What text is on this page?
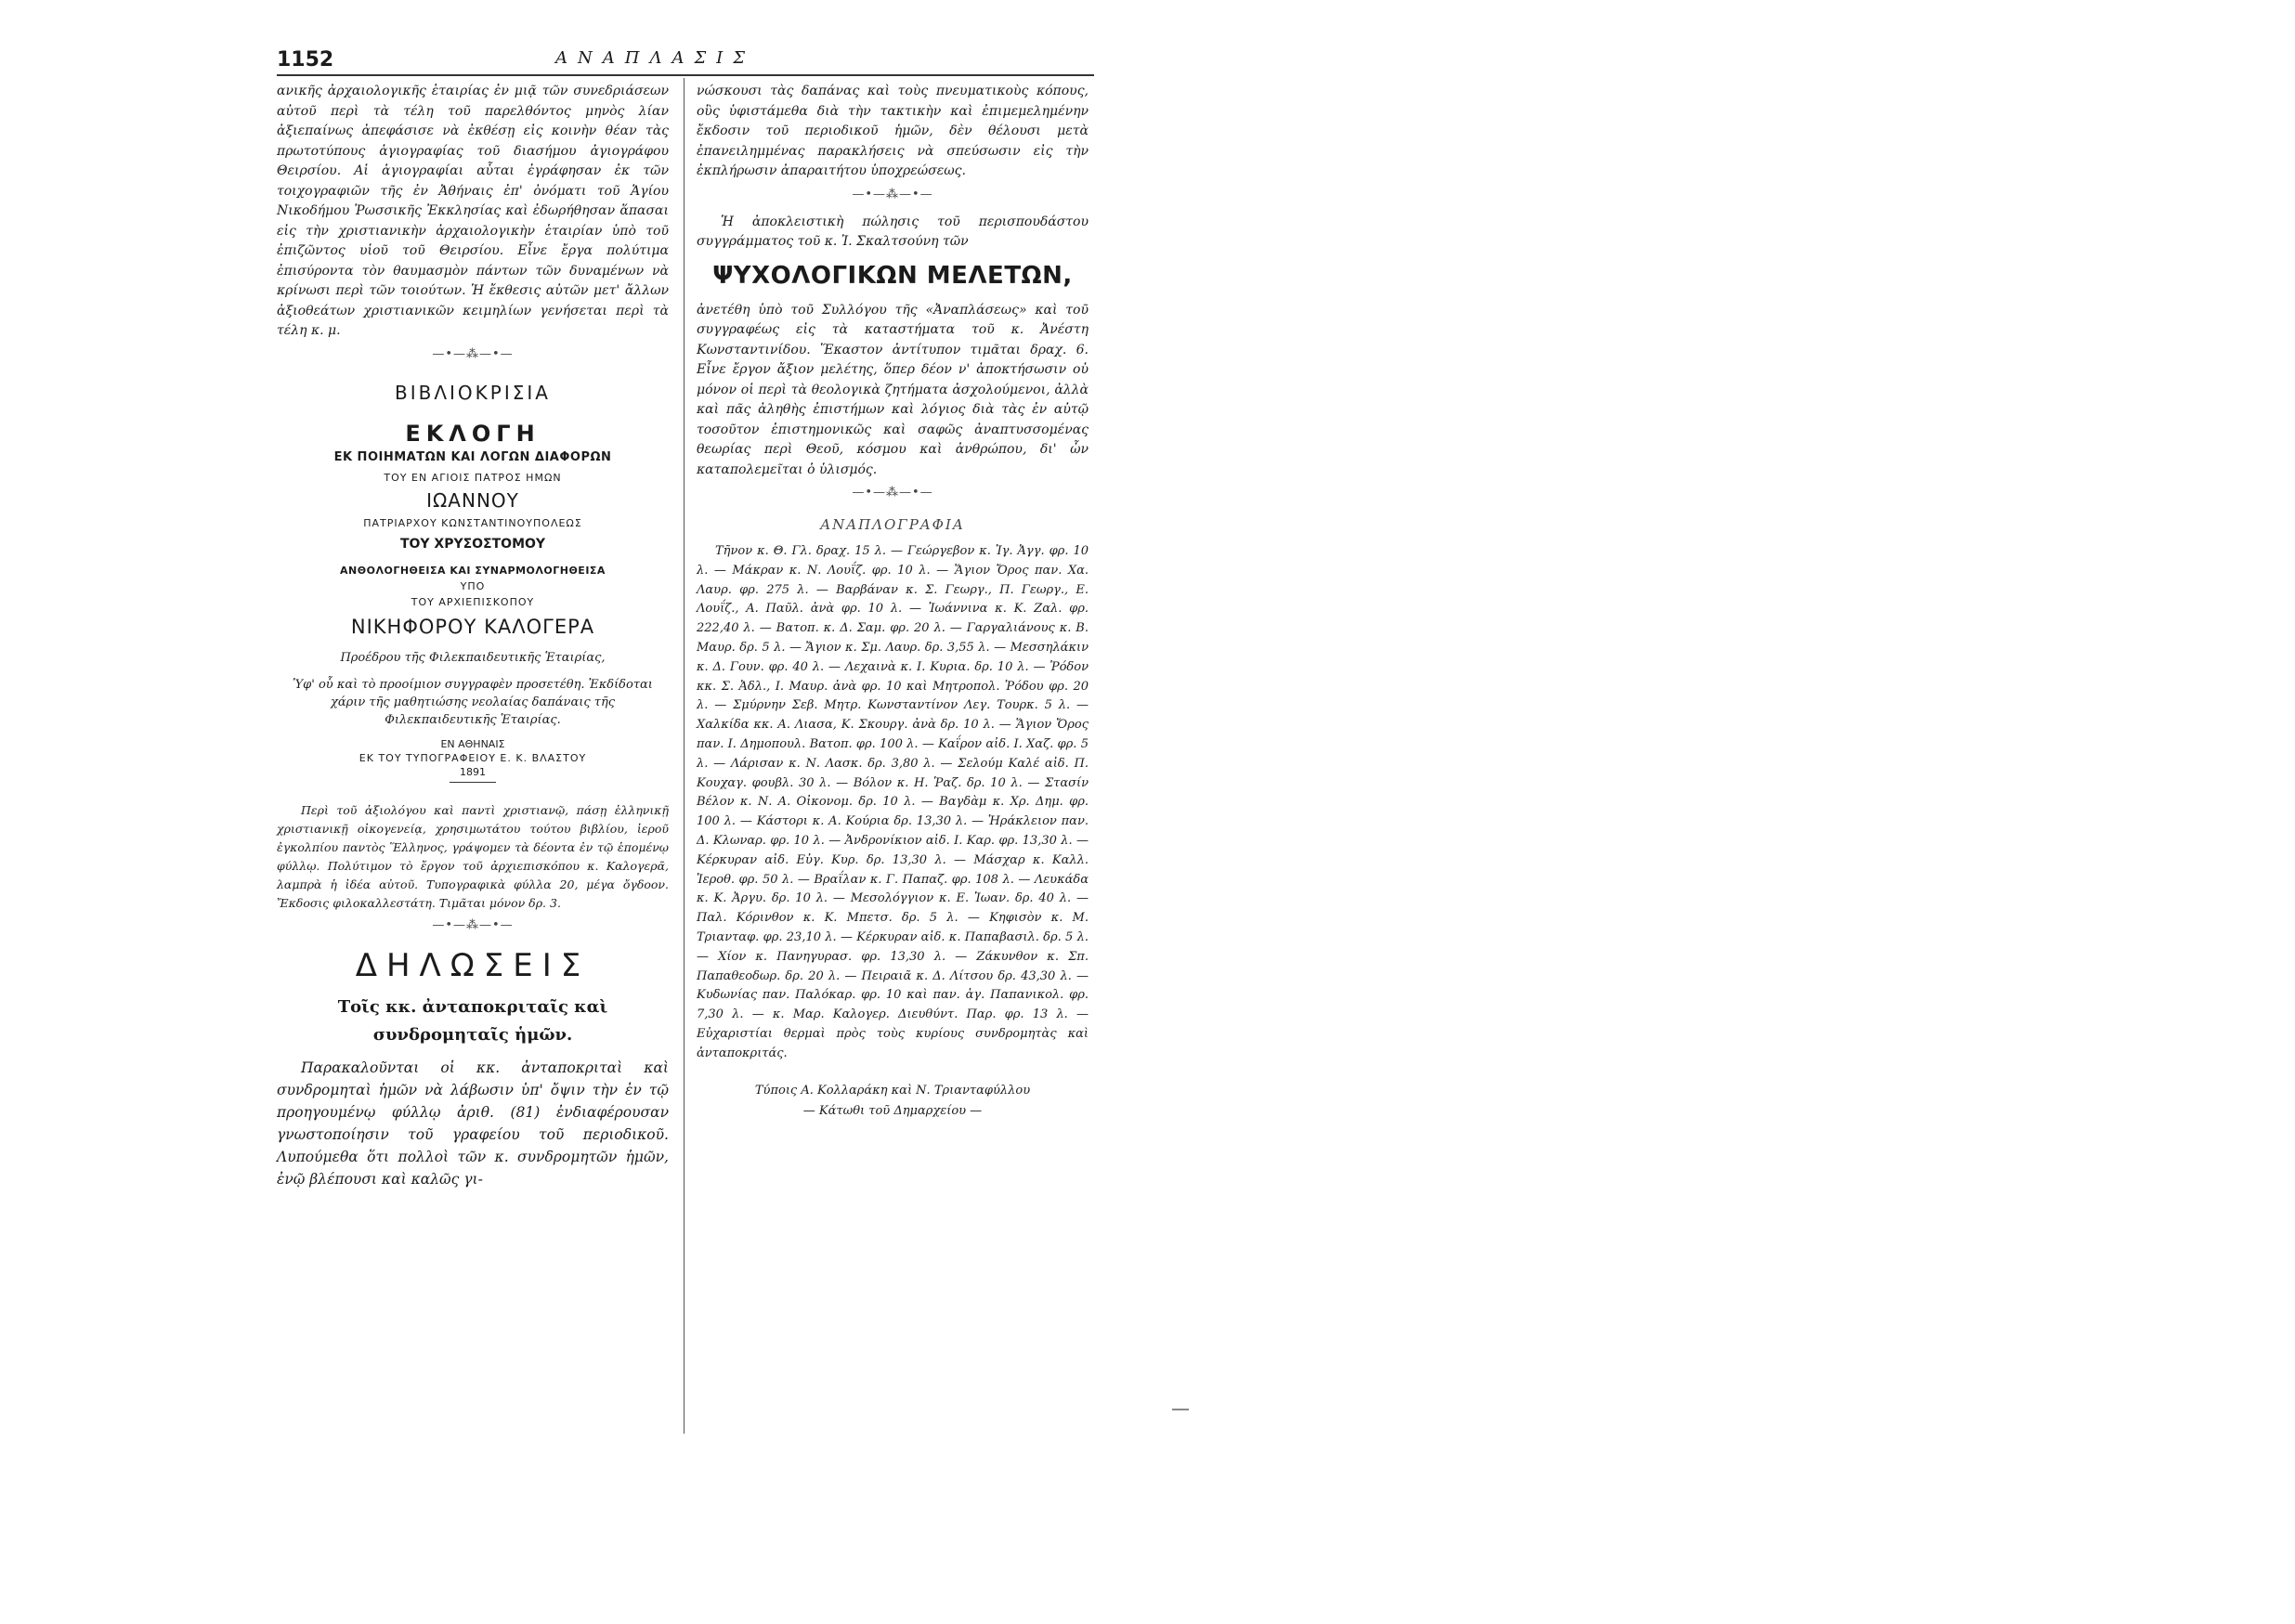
1152	ΑΝΑΠΛΑΣΙΣ

ανικῆς ἀρχαιολογικῆς ἑταιρίας ἐν μιᾷ τῶν συνεδριάσεων αὐτοῦ περὶ τὰ τέλη τοῦ παρελθόντος μηνὸς λίαν ἀξιεπαίνως ἀπεφάσισε νὰ ἐκθέσῃ εἰς κοινὴν θέαν τὰς πρωτοτύπους ἁγιογραφίας τοῦ διασήμου ἁγιογράφου Θειρσίου. Αἱ ἁγιογραφίαι αὗται ἐγράφησαν ἐκ τῶν τοιχογραφιῶν τῆς ἐν Ἀθήναις ἐπ' ὀνόματι τοῦ Ἁγίου Νικοδήμου Ῥωσσικῆς Ἐκκλησίας καὶ ἐδωρήθησαν ἅπασαι εἰς τὴν χριστιανικὴν ἀρχαιολογικὴν ἑταιρίαν ὑπὸ τοῦ ἐπιζῶντος υἱοῦ τοῦ Θειρσίου. Εἶνε ἔργα πολύτιμα ἐπισύροντα τὸν θαυμασμὸν πάντων τῶν δυναμένων νὰ κρίνωσι περὶ τῶν τοιούτων. Ἡ ἔκθεσις αὐτῶν μετ' ἄλλων ἀξιοθεάτων χριστιανικῶν κειμηλίων γενήσεται περὶ τὰ τέλη κ. μ.

—•—⁂—•—

ΒΙΒΛΙΟΚΡΙΣΙΑ

ΕΚΛΟΓΗ

ΕΚ ΠΟΙΗΜΑΤΩΝ ΚΑΙ ΛΟΓΩΝ ΔΙΑΦΟΡΩΝ

ΤΟΥ ΕΝ ΑΓΙΟΙΣ ΠΑΤΡΟΣ ΗΜΩΝ

ΙΩΑΝΝΟΥ

ΠΑΤΡΙΑΡΧΟΥ ΚΩΝΣΤΑΝΤΙΝΟΥΠΟΛΕΩΣ

ΤΟΥ ΧΡΥΣΟΣΤΟΜΟΥ

ΑΝΘΟΛΟΓΗΘΕΙΣΑ ΚΑΙ ΣΥΝΑΡΜΟΛΟΓΗΘΕΙΣΑ

ΥΠΟ

ΤΟΥ ΑΡΧΙΕΠΙΣΚΟΠΟΥ

ΝΙΚΗΦΟΡΟΥ ΚΑΛΟΓΕΡΑ

Προέδρου τῆς Φιλεκπαιδευτικῆς Ἑταιρίας,

Ὑφ' οὗ καὶ τὸ προοίμιον συγγραφὲν προσετέθη. Ἐκδίδοται χάριν τῆς μαθητιώσης νεολαίας δαπάναις τῆς Φιλεκπαιδευτικῆς Ἑταιρίας.

ΕΝ ΑΘΗΝΑΙΣ

ΕΚ ΤΟΥ ΤΥΠΟΓΡΑΦΕΙΟΥ Ε. Κ. ΒΛΑΣΤΟΥ

1891

Περὶ τοῦ ἀξιολόγου καὶ παντὶ χριστιανῷ, πάσῃ ἑλληνικῇ χριστιανικῇ οἰκογενείᾳ, χρησιμωτάτου τούτου βιβλίου, ἱεροῦ ἐγκολπίου παντὸς Ἕλληνος, γράψομεν τὰ δέοντα ἐν τῷ ἑπομένῳ φύλλῳ. Πολύτιμον τὸ ἔργον τοῦ ἀρχιεπισκόπου κ. Καλογερᾶ, λαμπρὰ ἡ ἰδέα αὐτοῦ. Τυπογραφικὰ φύλλα 20, μέγα ὄγδοον. Ἔκδοσις φιλοκαλλεστάτη. Τιμᾶται μόνον δρ. 3.

—•—⁂—•—

ΔΗΛΩΣΕΙΣ

Τοῖς κκ. ἀνταποκριταῖς καὶ συνδρομηταῖς ἡμῶν.

Παρακαλοῦνται οἱ κκ. ἀνταποκριταὶ καὶ συνδρομηταὶ ἡμῶν νὰ λάβωσιν ὑπ' ὄψιν τὴν ἐν τῷ προηγουμένῳ φύλλῳ ἀριθ. (81) ἐνδιαφέρουσαν γνωστοποίησιν τοῦ γραφείου τοῦ περιοδικοῦ. Λυπούμεθα ὅτι πολλοὶ τῶν κ. συνδρομητῶν ἡμῶν, ἐνῷ βλέπουσι καὶ καλῶς γι-

νώσκουσι τὰς δαπάνας καὶ τοὺς πνευματικοὺς κόπους, οὓς ὑφιστάμεθα διὰ τὴν τακτικὴν καὶ ἐπιμεμελημένην ἔκδοσιν τοῦ περιοδικοῦ ἡμῶν, δὲν θέλουσι μετὰ ἐπανειλημμένας παρακλήσεις νὰ σπεύσωσιν εἰς τὴν ἐκπλήρωσιν ἀπαραιτήτου ὑποχρεώσεως.

—•—⁂—•—

Ἡ ἀποκλειστικὴ πώλησις τοῦ περισπουδάστου συγγράμματος τοῦ κ. Ἰ. Σκαλτσούνη τῶν

ΨΥΧΟΛΟΓΙΚΩΝ ΜΕΛΕΤΩΝ,

ἀνετέθη ὑπὸ τοῦ Συλλόγου τῆς «Ἀναπλάσεως» καὶ τοῦ συγγραφέως εἰς τὰ καταστήματα τοῦ κ. Ἀνέστη Κωνσταντινίδου. Ἕκαστον ἀντίτυπον τιμᾶται δραχ. 6. Εἶνε ἔργον ἄξιον μελέτης, ὅπερ δέον ν' ἀποκτήσωσιν οὐ μόνον οἱ περὶ τὰ θεολογικὰ ζητήματα ἀσχολούμενοι, ἀλλὰ καὶ πᾶς ἀληθὴς ἐπιστήμων καὶ λόγιος διὰ τὰς ἐν αὐτῷ τοσοῦτον ἐπιστημονικῶς καὶ σαφῶς ἀναπτυσσομένας θεωρίας περὶ Θεοῦ, κόσμου καὶ ἀνθρώπου, δι' ὧν καταπολεμεῖται ὁ ὑλισμός.

—•—⁂—•—

ΑΝΑΠΛΟΓΡΑΦΙΑ

Τῆνον κ. Θ. Γλ. δραχ. 15 λ. — Γεώργεβον κ. Ἰγ. Ἀγγ. φρ. 10 λ. — Μάκραν κ. Ν. Λουΐζ. φρ. 10 λ. — Ἅγιον Ὄρος παν. Χα. Λαυρ. φρ. 275 λ. — Βαρβάναν κ. Σ. Γεωργ., Π. Γεωργ., Ε. Λουΐζ., Α. Παῦλ. ἀνὰ φρ. 10 λ. — Ἰωάννινα κ. Κ. Ζαλ. φρ. 222,40 λ. — Βατοπ. κ. Δ. Σαμ. φρ. 20 λ. — Γαργαλιάνους κ. Β. Μαυρ. δρ. 5 λ. — Ἄγιον κ. Σμ. Λαυρ. δρ. 3,55 λ. — Μεσσηλάκιν κ. Δ. Γουν. φρ. 40 λ. — Λεχαινὰ κ. Ι. Κυρια. δρ. 10 λ. — Ῥόδον κκ. Σ. Ἀδλ., Ι. Μαυρ. ἀνὰ φρ. 10 καὶ Μητροπολ. Ῥόδου φρ. 20 λ. — Σμύρνην Σεβ. Μητρ. Κωνσταντίνον Λεγ. Τουρκ. 5 λ. — Χαλκίδα κκ. Α. Λιασα, Κ. Σκουργ. ἀνὰ δρ. 10 λ. — Ἅγιον Ὄρος παν. Ι. Δημοπουλ. Βατοπ. φρ. 100 λ. — Καΐρον αἰδ. Ι. Χαζ. φρ. 5 λ. — Λάρισαν κ. Ν. Λασκ. δρ. 3,80 λ. — Σελούμ Καλέ αἰδ. Π. Κουχαγ. φουβλ. 30 λ. — Βόλον κ. Η. Ῥαζ. δρ. 10 λ. — Στασίν Βέλον κ. Ν. Α. Οἰκονομ. δρ. 10 λ. — Βαγδὰμ κ. Χρ. Δημ. φρ. 100 λ. — Κάστορι κ. Α. Κούρια δρ. 13,30 λ. — Ἡράκλειον παν. Δ. Κλωναρ. φρ. 10 λ. — Ἀνδρονίκιον αἰδ. Ι. Καρ. φρ. 13,30 λ. — Κέρκυραν αἰδ. Εὐγ. Κυρ. δρ. 13,30 λ. — Μάσχαρ κ. Καλλ. Ἱεροθ. φρ. 50 λ. — Βραΐλαν κ. Γ. Παπαζ. φρ. 108 λ. — Λευκάδα κ. Κ. Ἀργυ. δρ. 10 λ. — Μεσολόγγιον κ. Ε. Ἰωαν. δρ. 40 λ. — Παλ. Κόρινθον κ. Κ. Μπετσ. δρ. 5 λ. — Κηφισὸν κ. Μ. Τριανταφ. φρ. 23,10 λ. — Κέρκυραν αἰδ. κ. Παπαβασιλ. δρ. 5 λ. — Χίον κ. Πανηγυρασ. φρ. 13,30 λ. — Ζάκυνθον κ. Σπ. Παπαθεοδωρ. δρ. 20 λ. — Πειραιᾶ κ. Δ. Λίτσου δρ. 43,30 λ. — Κυδωνίας παν. Παλόκαρ. φρ. 10 καὶ παν. ἁγ. Παπανικολ. φρ. 7,30 λ. — κ. Μαρ. Καλογερ. Διευθύντ. Παρ. φρ. 13 λ. — Εὐχαριστίαι θερμαὶ πρὸς τοὺς κυρίους συνδρομητὰς καὶ ἀνταποκριτάς.

Τύποις Α. Κολλαράκη καὶ Ν. Τριανταφύλλου

— Κάτωθι τοῦ Δημαρχείου —
